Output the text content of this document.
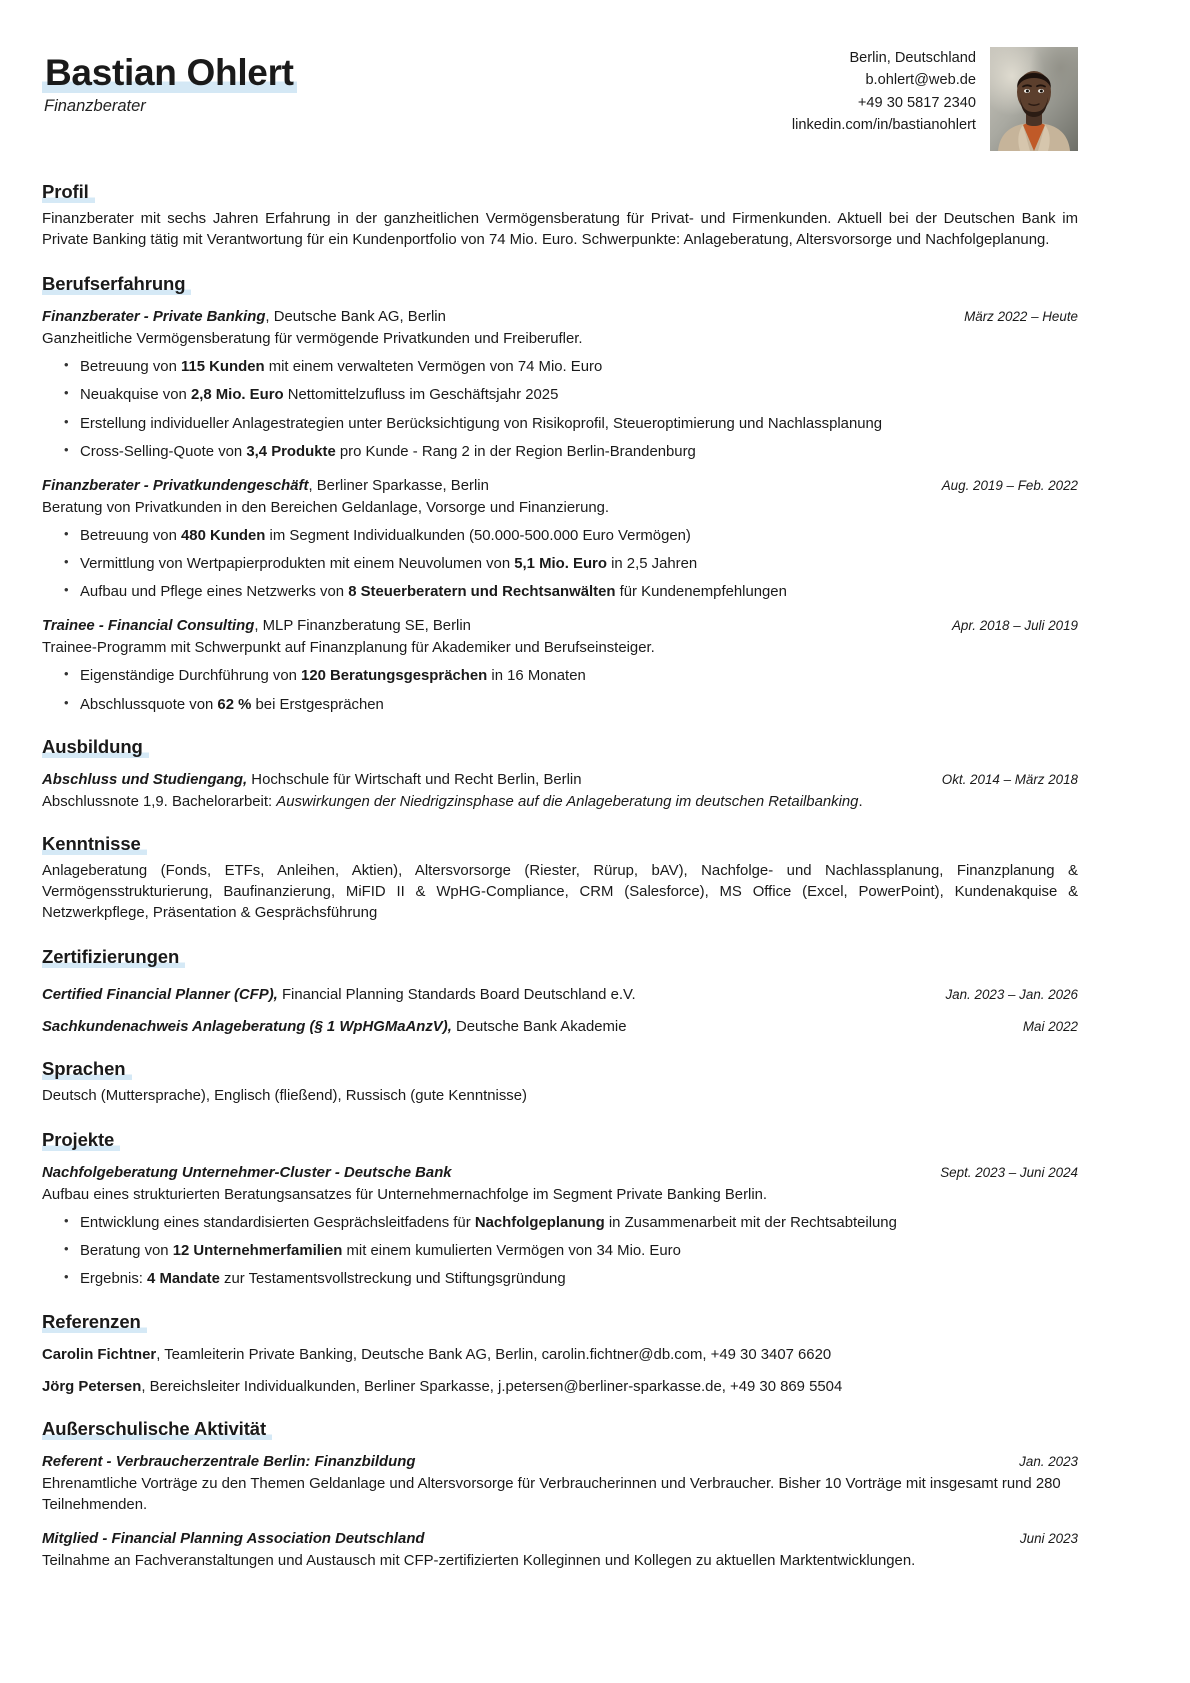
Bastian Ohlert

Finanzberater

Berlin, Deutschland
b.ohlert@web.de
+49 30 5817 2340
linkedin.com/in/bastianohlert
Profil

Finanzberater mit sechs Jahren Erfahrung in der ganzheitlichen Vermögensberatung für Privat- und Firmenkunden. Aktuell bei der Deutschen Bank im Private Banking tätig mit Verantwortung für ein Kundenportfolio von 74 Mio. Euro. Schwerpunkte: Anlageberatung, Altersvorsorge und Nachfolgeplanung.

Berufserfahrung
Finanzberater - Private Banking, Deutsche Bank AG, Berlin	März 2022 – Heute

Ganzheitliche Vermögensberatung für vermögende Privatkunden und Freiberufler.

• Betreuung von 115 Kunden mit einem verwalteten Vermögen von 74 Mio. Euro
• Neuakquise von 2,8 Mio. Euro Nettomittelzufluss im Geschäftsjahr 2025
• Erstellung individueller Anlagestrategien unter Berücksichtigung von Risikoprofil, Steueroptimierung und Nachlassplanung
• Cross-Selling-Quote von 3,4 Produkte pro Kunde - Rang 2 in der Region Berlin-Brandenburg
Finanzberater - Privatkundengeschäft, Berliner Sparkasse, Berlin	Aug. 2019 – Feb. 2022

Beratung von Privatkunden in den Bereichen Geldanlage, Vorsorge und Finanzierung.

• Betreuung von 480 Kunden im Segment Individualkunden (50.000-500.000 Euro Vermögen)
• Vermittlung von Wertpapierprodukten mit einem Neuvolumen von 5,1 Mio. Euro in 2,5 Jahren
• Aufbau und Pflege eines Netzwerks von 8 Steuerberatern und Rechtsanwälten für Kundenempfehlungen
Trainee - Financial Consulting, MLP Finanzberatung SE, Berlin	Apr. 2018 – Juli 2019

Trainee-Programm mit Schwerpunkt auf Finanzplanung für Akademiker und Berufseinsteiger.

• Eigenständige Durchführung von 120 Beratungsgesprächen in 16 Monaten
• Abschlussquote von 62 % bei Erstgesprächen
Ausbildung
Abschluss und Studiengang, Hochschule für Wirtschaft und Recht Berlin, Berlin	Okt. 2014 – März 2018

Abschlussnote 1,9. Bachelorarbeit: Auswirkungen der Niedrigzinsphase auf die Anlageberatung im deutschen Retailbanking.

Kenntnisse

Anlageberatung (Fonds, ETFs, Anleihen, Aktien), Altersvorsorge (Riester, Rürup, bAV), Nachfolge- und Nachlassplanung, Finanzplanung & Vermögensstrukturierung, Baufinanzierung, MiFID II & WpHG-Compliance, CRM (Salesforce), MS Office (Excel, PowerPoint), Kundenakquise & Netzwerkpflege, Präsentation & Gesprächsführung

Zertifizierungen
Certified Financial Planner (CFP), Financial Planning Standards Board Deutschland e.V.	Jan. 2023 – Jan. 2026
Sachkundenachweis Anlageberatung (§ 1 WpHGMaAnzV), Deutsche Bank Akademie	Mai 2022
Sprachen

Deutsch (Muttersprache), Englisch (fließend), Russisch (gute Kenntnisse)

Projekte
Nachfolgeberatung Unternehmer-Cluster - Deutsche Bank	Sept. 2023 – Juni 2024

Aufbau eines strukturierten Beratungsansatzes für Unternehmernachfolge im Segment Private Banking Berlin.

• Entwicklung eines standardisierten Gesprächsleitfadens für Nachfolgeplanung in Zusammenarbeit mit der Rechtsabteilung
• Beratung von 12 Unternehmerfamilien mit einem kumulierten Vermögen von 34 Mio. Euro
• Ergebnis: 4 Mandate zur Testamentsvollstreckung und Stiftungsgründung
Referenzen

Carolin Fichtner, Teamleiterin Private Banking, Deutsche Bank AG, Berlin, carolin.fichtner@db.com, +49 30 3407 6620

Jörg Petersen, Bereichsleiter Individualkunden, Berliner Sparkasse, j.petersen@berliner-sparkasse.de, +49 30 869 5504

Außerschulische Aktivität
Referent - Verbraucherzentrale Berlin: Finanzbildung	Jan. 2023

Ehrenamtliche Vorträge zu den Themen Geldanlage und Altersvorsorge für Verbraucherinnen und Verbraucher. Bisher 10 Vorträge mit insgesamt rund 280 Teilnehmenden.

Mitglied - Financial Planning Association Deutschland	Juni 2023

Teilnahme an Fachveranstaltungen und Austausch mit CFP-zertifizierten Kolleginnen und Kollegen zu aktuellen Marktentwicklungen.
